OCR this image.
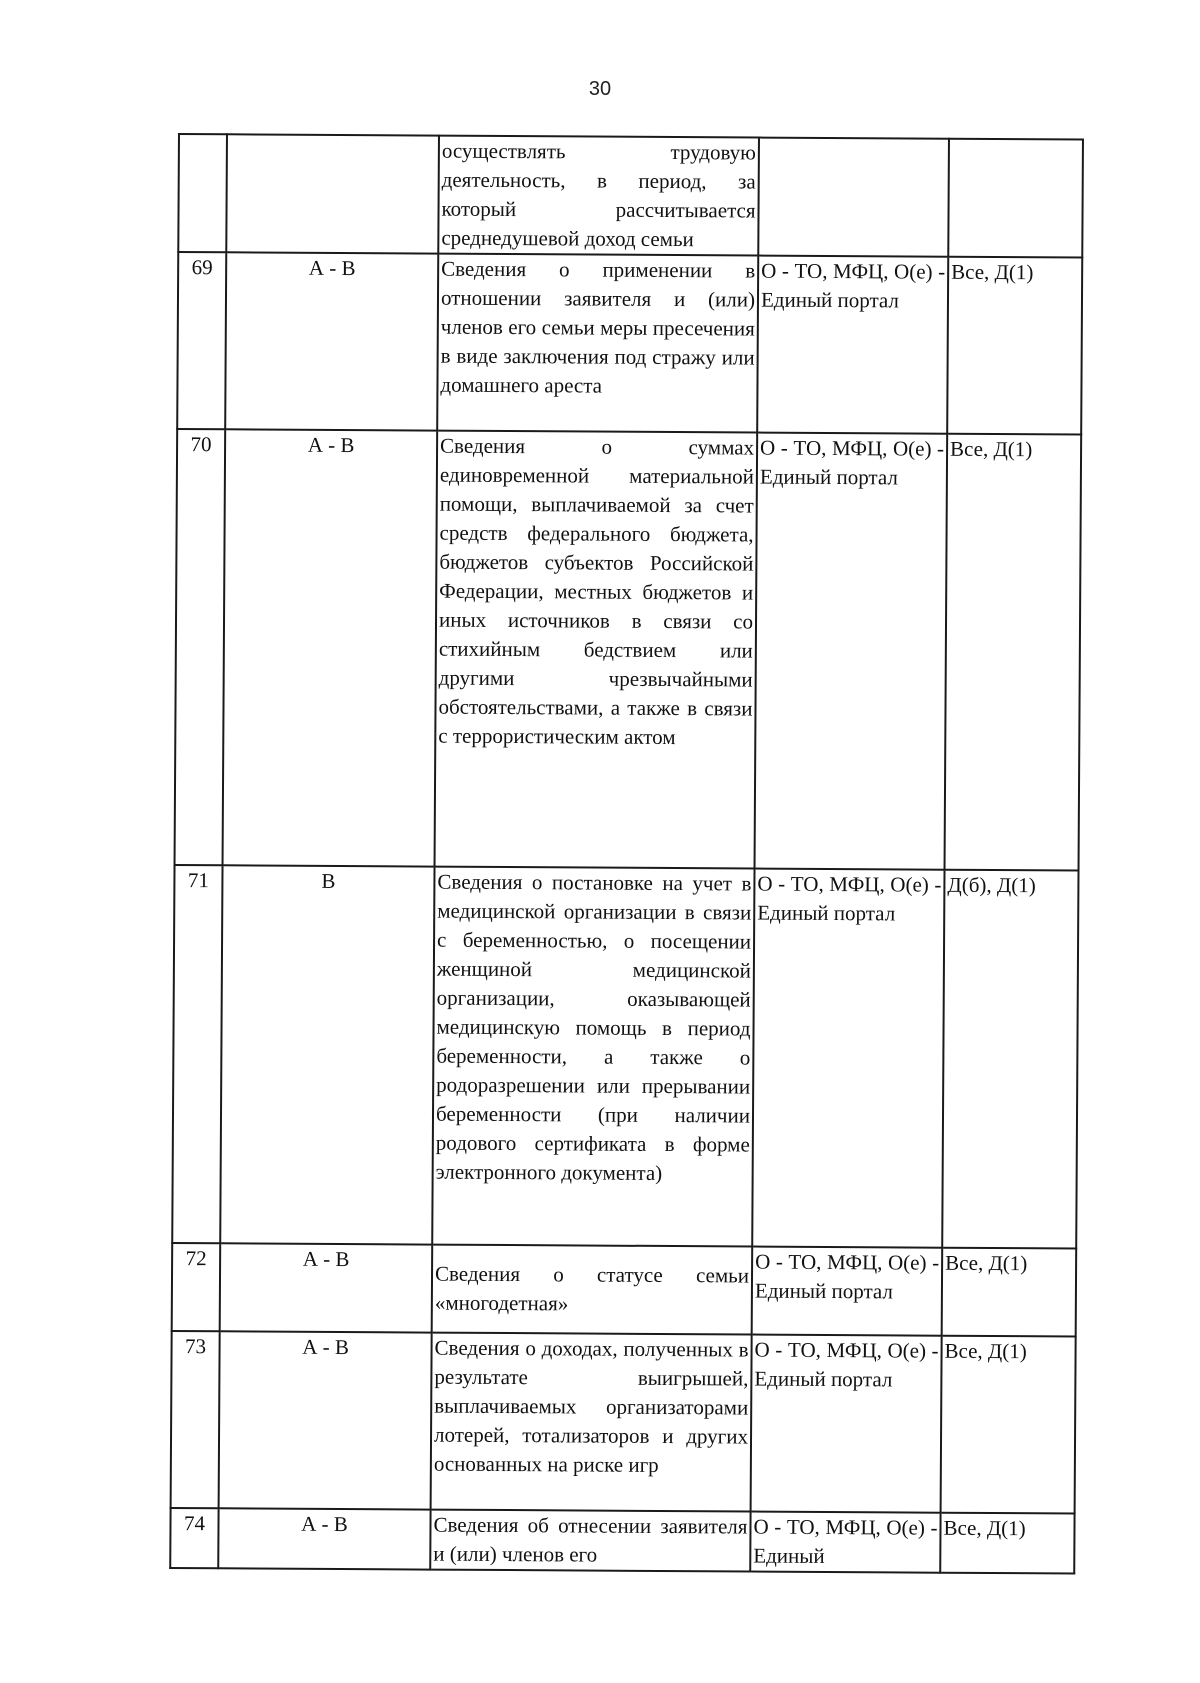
30
		осуществлять трудовую деятельность, в период, за который рассчитывается среднедушевой доход семьи		
69	А - В	Сведения о применении в отношении заявителя и (или) членов его семьи меры пресечения в виде заключения под стражу или домашнего ареста	О - ТО, МФЦ, О(е) - Единый портал	Все, Д(1)
70	А - В	Сведения о суммах единовременной материальной помощи, выплачиваемой за счет средств федерального бюджета, бюджетов субъектов Российской Федерации, местных бюджетов и иных источников в связи со стихийным бедствием или другими чрезвычайными обстоятельствами, а также в связи с террористическим актом	О - ТО, МФЦ, О(е) - Единый портал	Все, Д(1)
71	В	Сведения о постановке на учет в медицинской организации в связи с беременностью, о посещении женщиной медицинской организации, оказывающей медицинскую помощь в период беременности, а также о родоразрешении или прерывании беременности (при наличии родового сертификата в форме электронного документа)	О - ТО, МФЦ, О(е) - Единый портал	Д(б), Д(1)
72	А - В	Сведения о статусе семьи «многодетная»	О - ТО, МФЦ, О(е) - Единый портал	Все, Д(1)
73	А - В	Сведения о доходах, полученных в результате выигрышей, выплачиваемых организаторами лотерей, тотализаторов и других основанных на риске игр	О - ТО, МФЦ, О(е) - Единый портал	Все, Д(1)
74	А - В	Сведения об отнесении заявителя и (или) членов его	О - ТО, МФЦ, О(е) - Единый	Все, Д(1)
